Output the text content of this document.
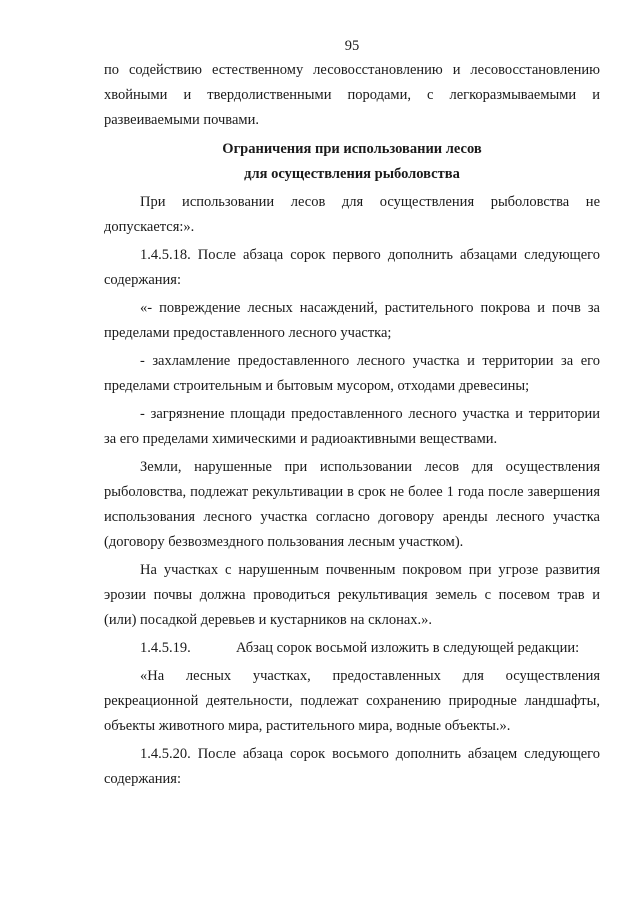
95

по содействию естественному лесовосстановлению и лесовосстановлению хвойными и твердолиственными породами, с легкоразмываемыми и развеиваемыми почвами.

Ограничения при использовании лесов

для осуществления рыболовства

При использовании лесов для осуществления рыболовства не допускается:».

1.4.5.18. После абзаца сорок первого дополнить абзацами следующего содержания:

«- повреждение лесных насаждений, растительного покрова и почв за пределами предоставленного лесного участка;

- захламление предоставленного лесного участка и территории за его пределами строительным и бытовым мусором, отходами древесины;

- загрязнение площади предоставленного лесного участка и территории за его пределами химическими и радиоактивными веществами.

Земли, нарушенные при использовании лесов для осуществления рыболовства, подлежат рекультивации в срок не более 1 года после завершения использования лесного участка согласно договору аренды лесного участка (договору безвозмездного пользования лесным участком).

На участках с нарушенным почвенным покровом при угрозе развития эрозии почвы должна проводиться рекультивация земель с посевом трав и (или) посадкой деревьев и кустарников на склонах.».

1.4.5.19.	Абзац сорок восьмой изложить в следующей редакции:

«На лесных участках, предоставленных для осуществления рекреационной деятельности, подлежат сохранению природные ландшафты, объекты животного мира, растительного мира, водные объекты.».

1.4.5.20. После абзаца сорок восьмого дополнить абзацем следующего содержания:
